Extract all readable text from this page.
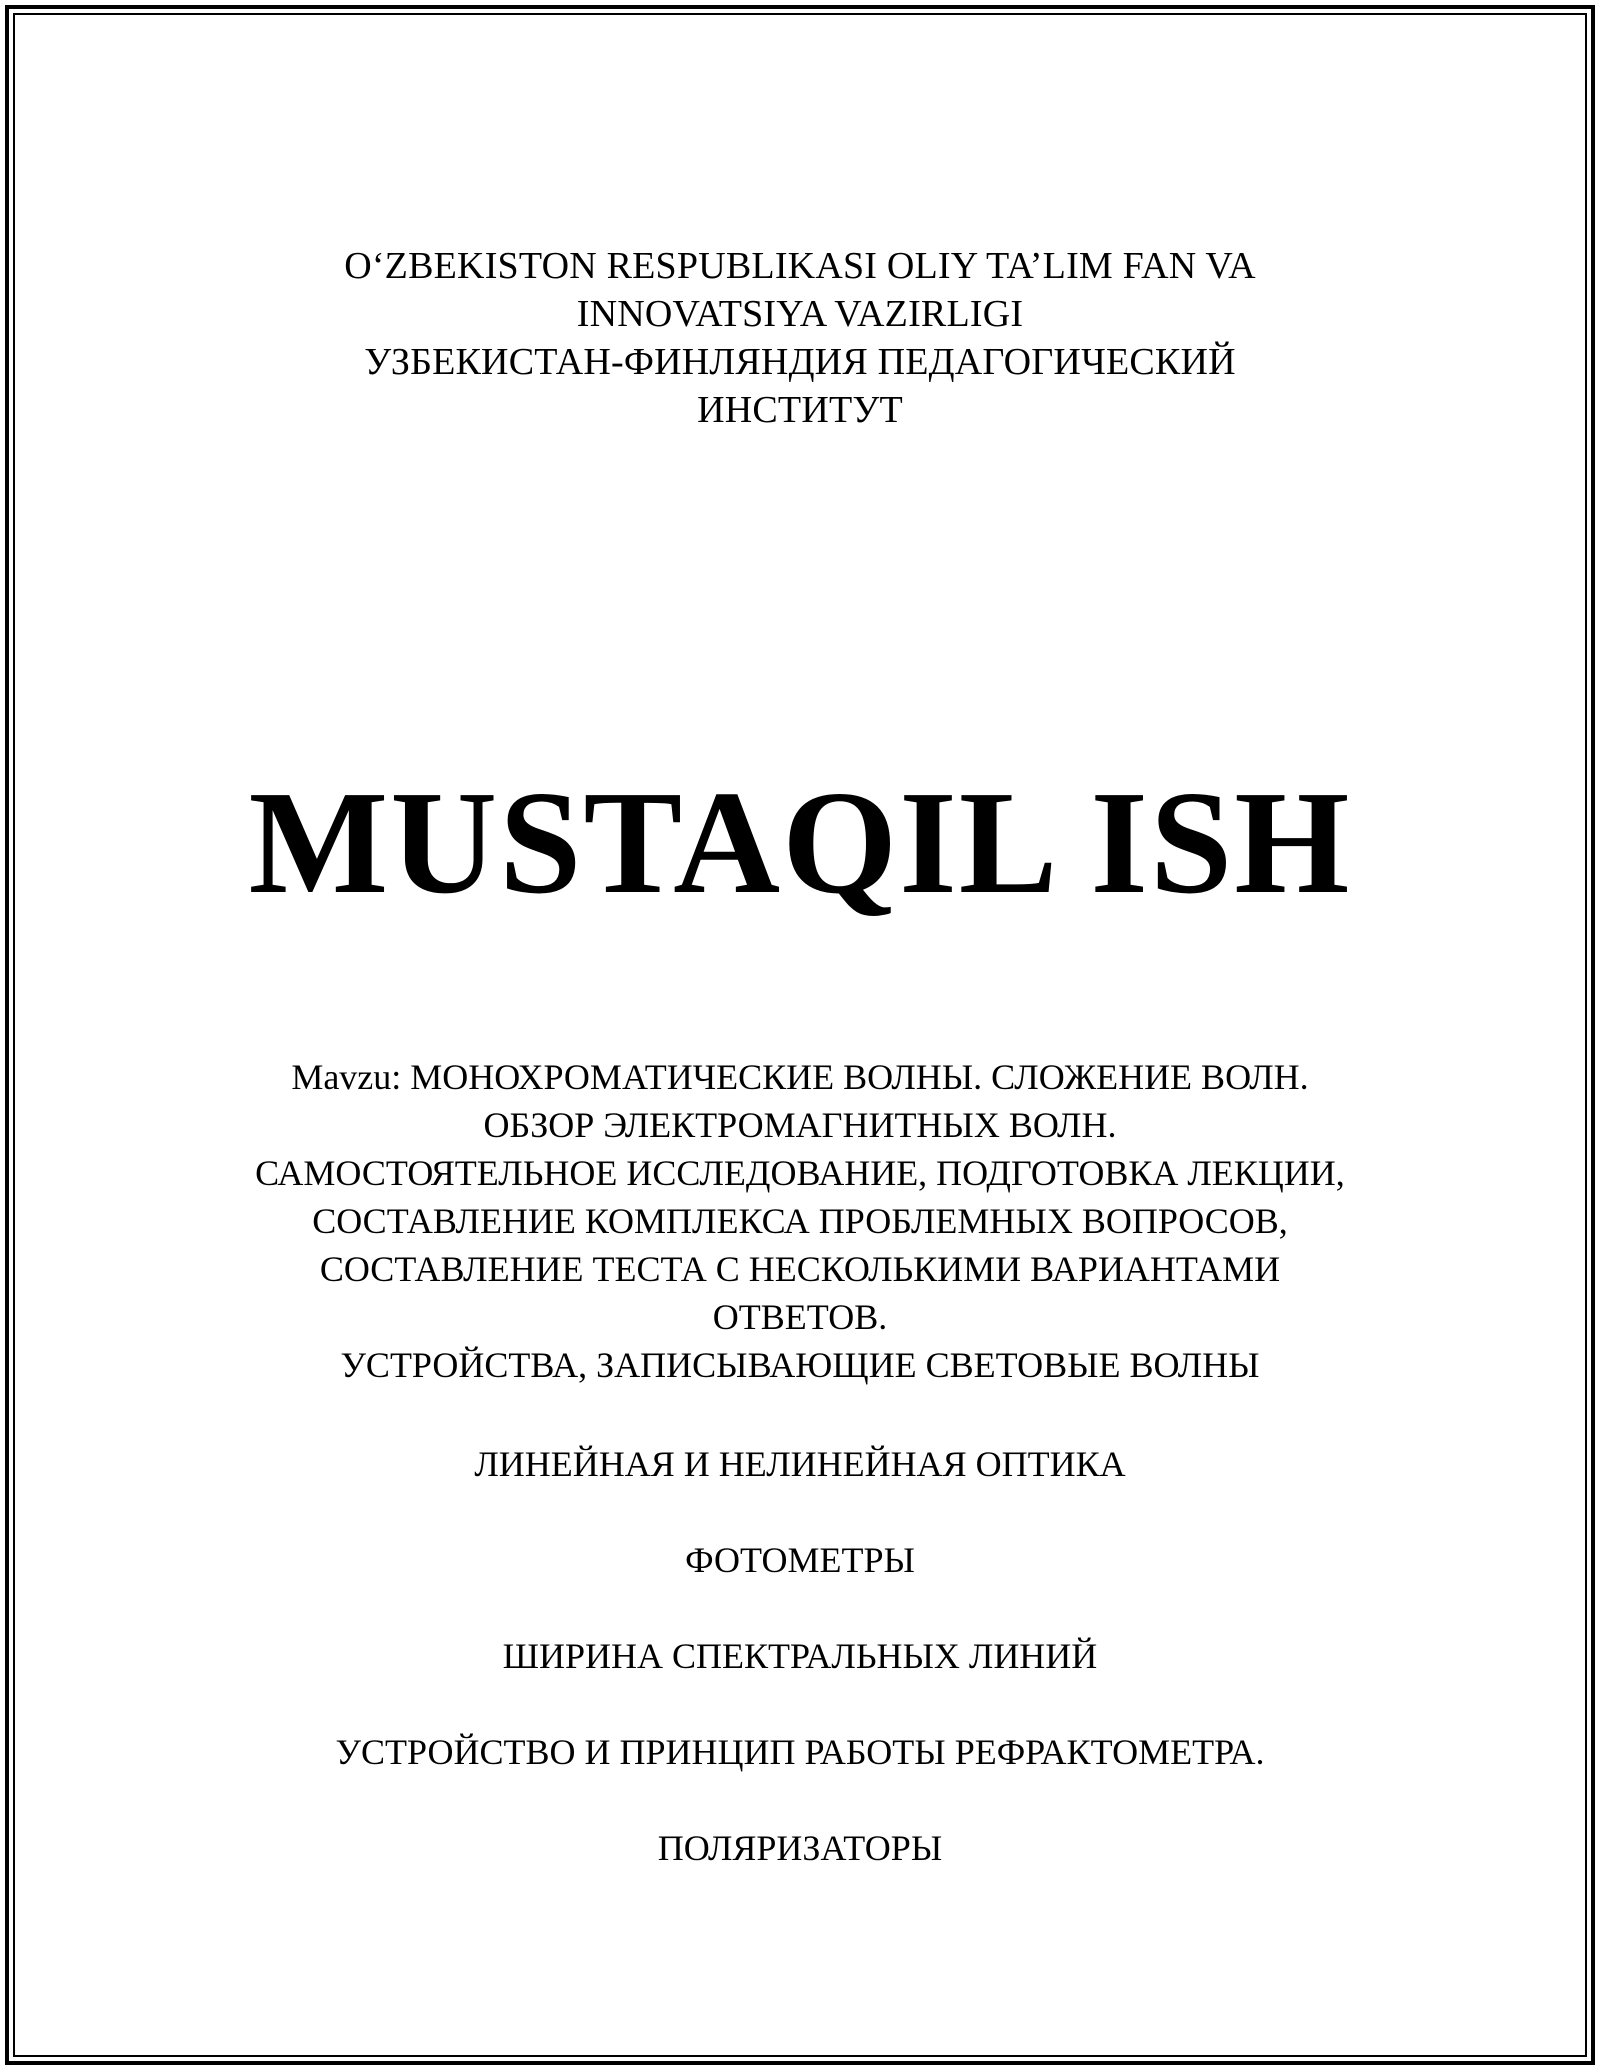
O‘ZBEKISTON RESPUBLIKASI OLIY TA’LIM FAN VA
INNOVATSIYA VAZIRLIGI
УЗБЕКИСТАН-ФИНЛЯНДИЯ ПЕДАГОГИЧЕСКИЙ
ИНСТИТУТ
MUSTAQIL ISH
Mavzu: МОНОХРОМАТИЧЕСКИЕ ВОЛНЫ. СЛОЖЕНИЕ ВОЛН.
ОБЗОР ЭЛЕКТРОМАГНИТНЫХ ВОЛН.
САМОСТОЯТЕЛЬНОЕ ИССЛЕДОВАНИЕ, ПОДГОТОВКА ЛЕКЦИИ,
СОСТАВЛЕНИЕ КОМПЛЕКСА ПРОБЛЕМНЫХ ВОПРОСОВ,
СОСТАВЛЕНИЕ ТЕСТА С НЕСКОЛЬКИМИ ВАРИАНТАМИ
ОТВЕТОВ.
УСТРОЙСТВА, ЗАПИСЫВАЮЩИЕ СВЕТОВЫЕ ВОЛНЫ
ЛИНЕЙНАЯ И НЕЛИНЕЙНАЯ ОПТИКА
ФОТОМЕТРЫ
ШИРИНА СПЕКТРАЛЬНЫХ ЛИНИЙ
УСТРОЙСТВО И ПРИНЦИП РАБОТЫ РЕФРАКТОМЕТРА.
ПОЛЯРИЗАТОРЫ
